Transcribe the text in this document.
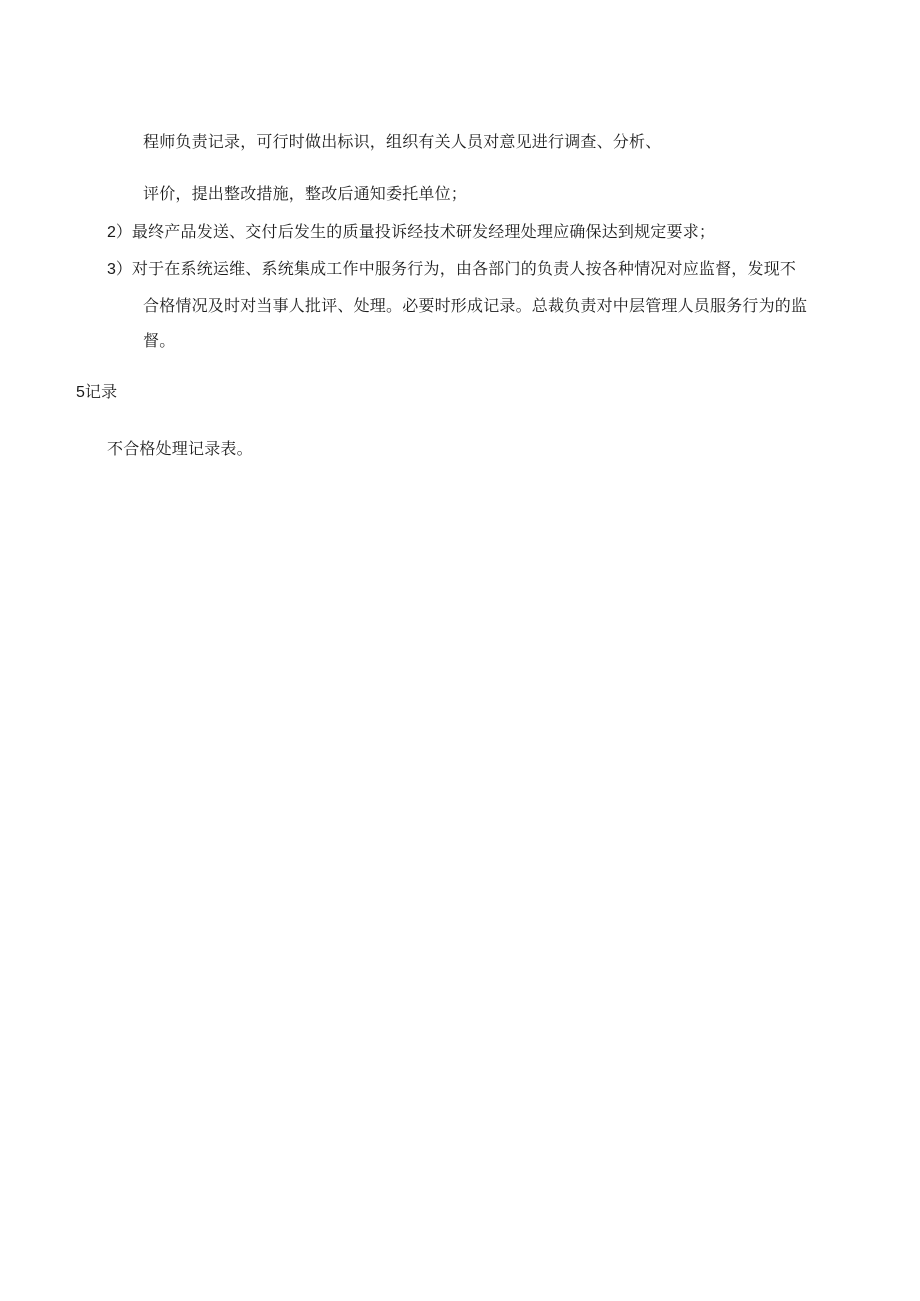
程师负责记录，可行时做出标识，组织有关人员对意见进行调查、分析、
评价，提出整改措施，整改后通知委托单位；
2）最终产品发送、交付后发生的质量投诉经技术研发经理处理应确保达到规定要求；
3）对于在系统运维、系统集成工作中服务行为，由各部门的负责人按各种情况对应监督，发现不
合格情况及时对当事人批评、处理。必要时形成记录。总裁负责对中层管理人员服务行为的监
督。
5记录
不合格处理记录表。
